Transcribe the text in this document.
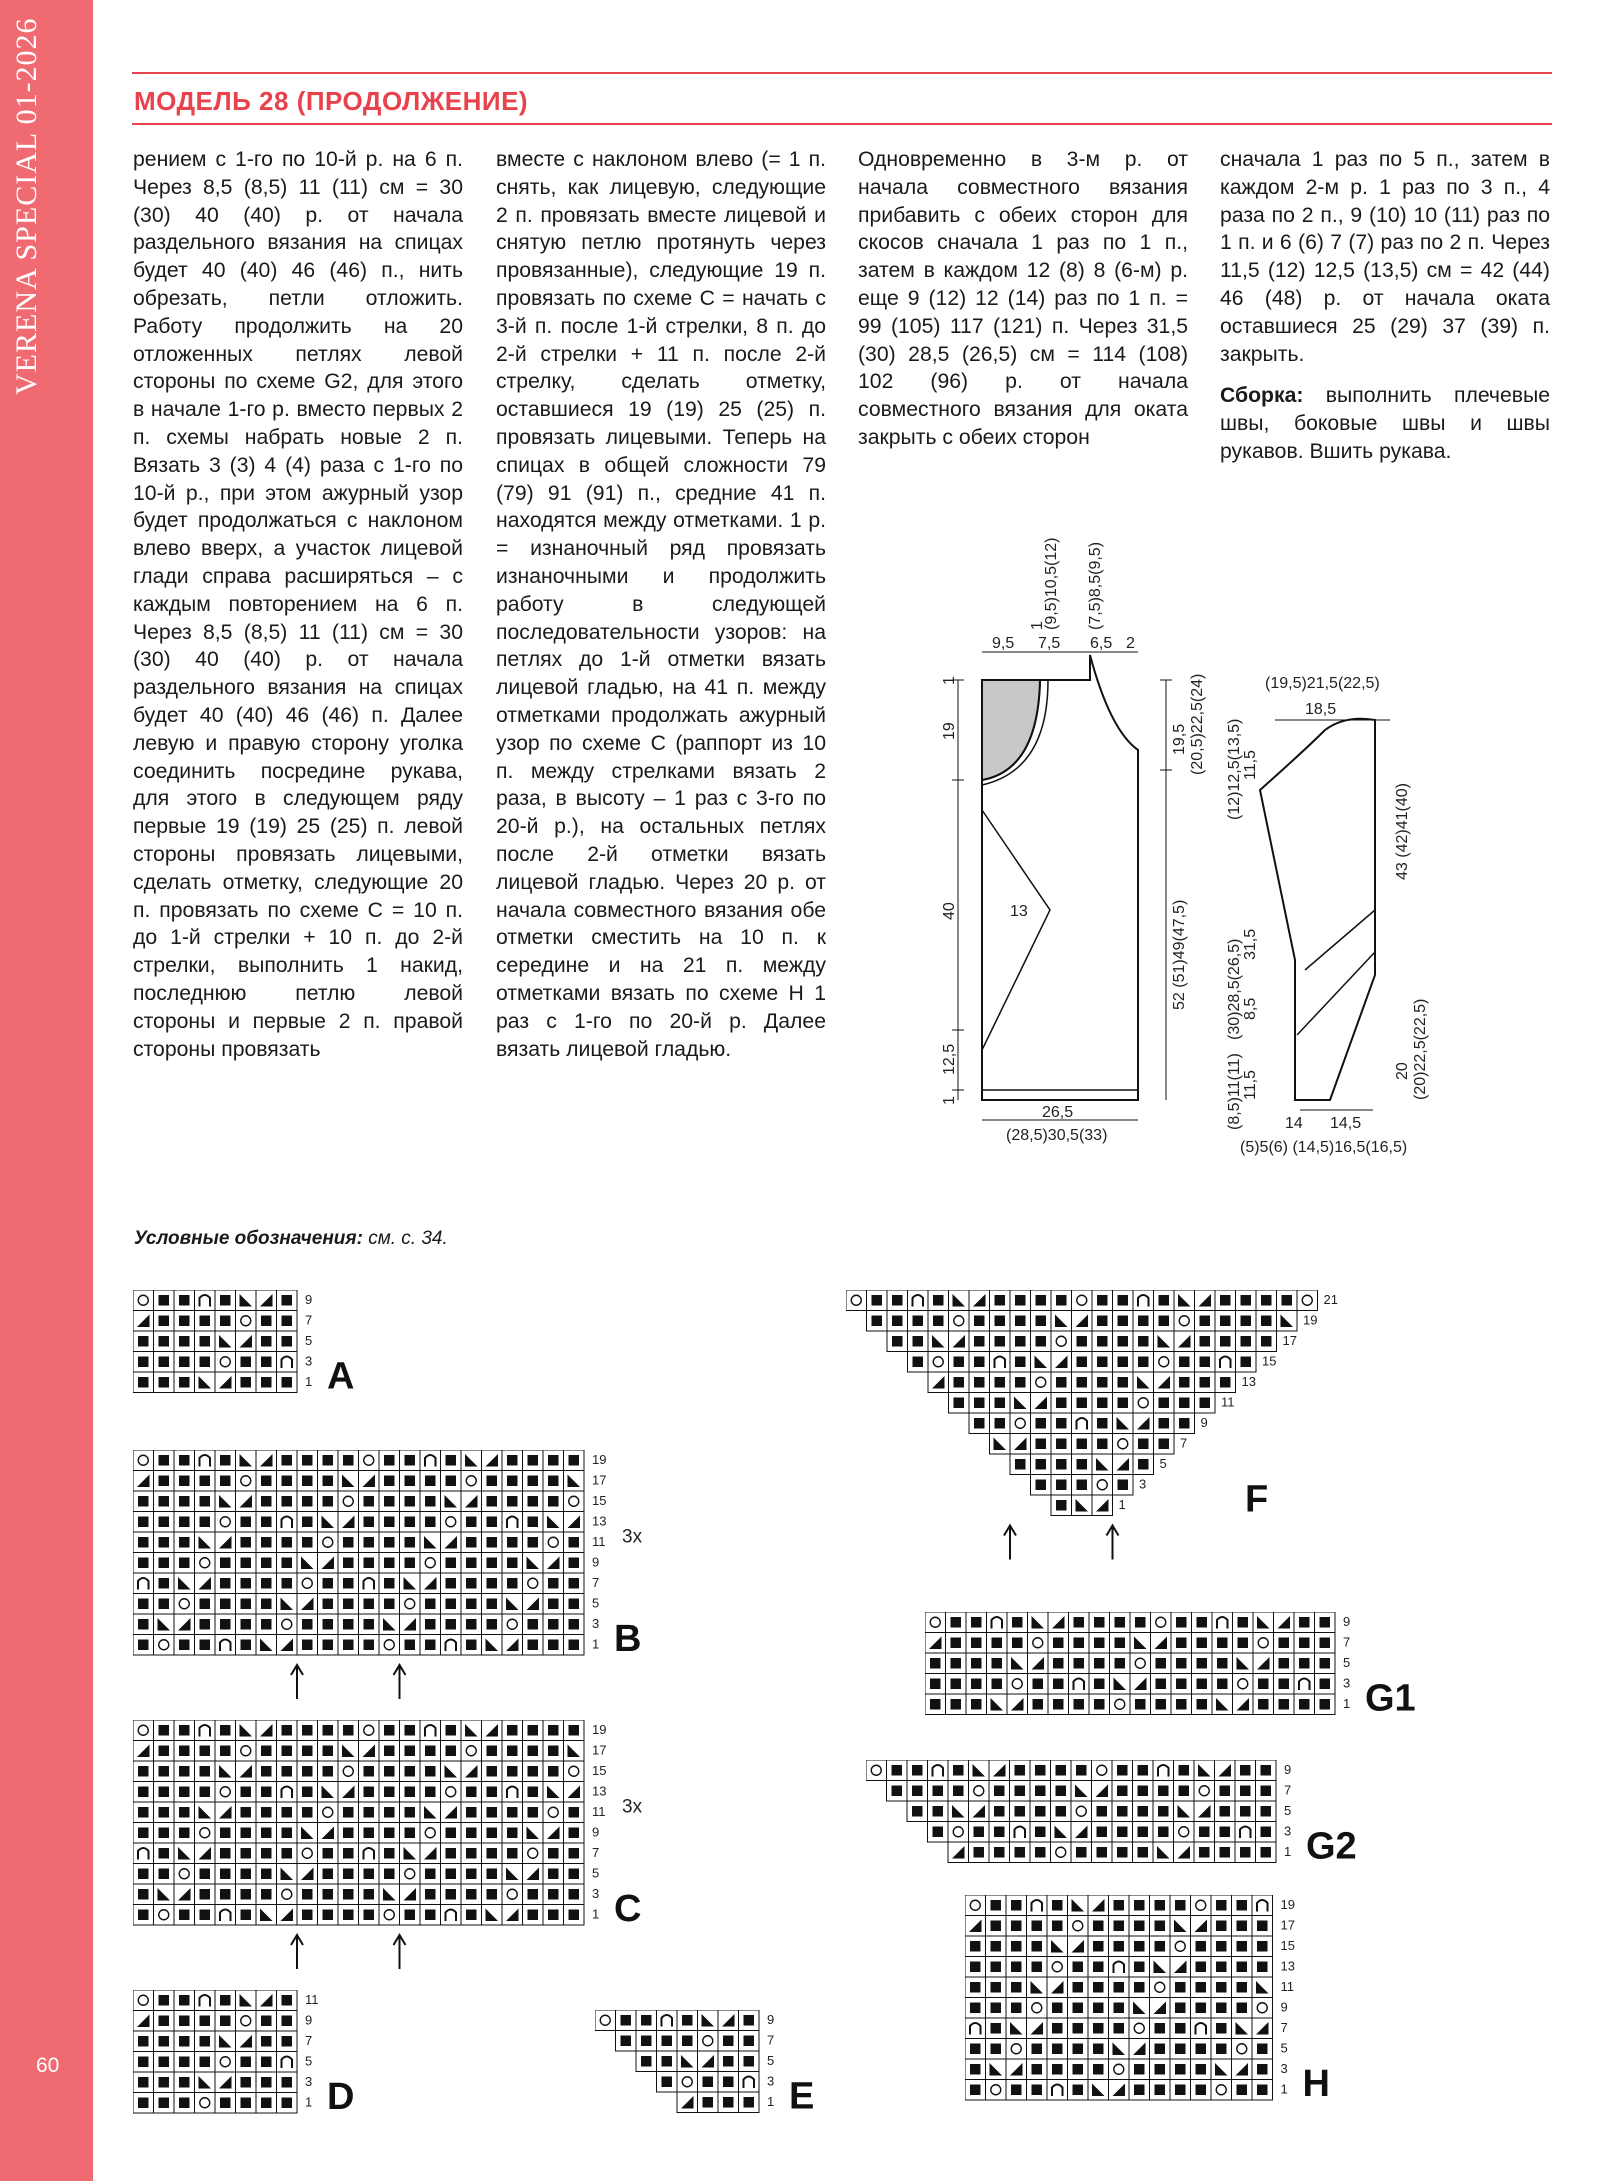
VERENA SPECIAL 01-2026
60
МОДЕЛЬ 28 (ПРОДОЛЖЕНИЕ)
рением с 1-го по 10-й р. на 6 п. Через 8,5 (8,5) 11 (11) см = 30 (30) 40 (40) р. от начала раздельного вязания на спицах будет 40 (40) 46 (46) п., нить обрезать, петли отложить. Работу продолжить на 20 отложенных петлях левой стороны по схеме G2, для этого в начале 1-го р. вместо первых 2 п. схемы набрать новые 2 п. Вязать 3 (3) 4 (4) раза с 1-го по 10-й р., при этом ажурный узор будет продолжаться с наклоном влево вверх, а участок лицевой глади справа расширяться – с каждым повторением на 6 п. Через 8,5 (8,5) 11 (11) см = 30 (30) 40 (40) р. от начала раздельного вязания на спицах будет 40 (40) 46 (46) п. Далее левую и правую сторону уголка соединить посредине рукава, для этого в следующем ряду первые 19 (19) 25 (25) п. левой стороны провязать лицевыми, сделать отметку, следующие 20 п. провязать по схеме С = 10 п. до 1-й стрелки + 10 п. до 2-й стрелки, выполнить 1 накид, последнюю петлю левой стороны и первые 2 п. правой стороны провязать
вместе с наклоном влево (= 1 п. снять, как лицевую, следующие 2 п. провязать вместе лицевой и снятую петлю протянуть через провязанные), следующие 19 п. провязать по схеме С = начать с 3-й п. после 1-й стрелки, 8 п. до 2-й стрелки + 11 п. после 2-й стрелку, сделать отметку, оставшиеся 19 (19) 25 (25) п. провязать лицевыми. Теперь на спицах в общей сложности 79 (79) 91 (91) п., средние 41 п. находятся между отметками. 1 р. = изнаночный ряд провязать изнаночными и продолжить работу в следующей последовательности узоров: на петлях до 1-й отметки вязать лицевой гладью, на 41 п. между отметками продолжать ажурный узор по схеме С (раппорт из 10 п. между стрелками вязать 2 раза, в высоту – 1 раз с 3-го по 20-й р.), на остальных петлях после 2-й отметки вязать лицевой гладью. Через 20 р. от начала совместного вязания обе отметки сместить на 10 п. к середине и на 21 п. между отметками вязать по схеме Н 1 раз с 1-го по 20-й р. Далее вязать лицевой гладью.
Одновременно в 3-м р. от начала совместного вязания прибавить с обеих сторон для скосов сначала 1 раз по 1 п., затем в каждом 12 (8) 8 (6-м) р. еще 9 (12) 12 (14) раз по 1 п. = 99 (105) 117 (121) п. Через 31,5 (30) 28,5 (26,5) см = 114 (108) 102 (96) р. от начала совместного вязания для оката закрыть с обеих сторон
сначала 1 раз по 5 п., затем в каждом 2-м р. 1 раз по 3 п., 4 раза по 2 п., 9 (10) 10 (11) раз по 1 п. и 6 (6) 7 (7) раз по 2 п. Через 11,5 (12) 12,5 (13,5) см = 42 (44) 46 (48) р. от начала оката оставшиеся 25 (29) 37 (39) п. закрыть.
Сборка: выполнить плечевые швы, боковые швы и швы рукавов. Вшить рукава.
1
19
40	13
12,5
1
9,5 7,5 6,5 2
1
(9,5)10,5(12) (7,5)8,5(9,5)
19,5 (20,5)22,5(24)
52 (51)49(47,5)
26,5
(28,5)30,5(33)
(19,5)21,5(22,5)
18,5
(12)12,5(13,5) 11,5
(30)28,5(26,5) 31,5
8,5
(8,5)11(11) 11,5
43 (42)41(40)
20 (20)22,5(22,5)
14 14,5
(5)5(6) (14,5)16,5(16,5)
Условные обозначения: см. с. 34.
9
7
5
3
1 A
19
17
15
13
11
9
7
5
3
1 B
3x
19
17
15
13
11
9
7
5
3
1 C
3x
11
9
7
5
3
1 D
9
7
5
3
1 E
21
19
17
15
13
11
9
7
5
3
1	F
9
7
5
3
1 G1
9
7
5
3
1 G2
19
17
15
13
11
9
7
5
3
1 H
